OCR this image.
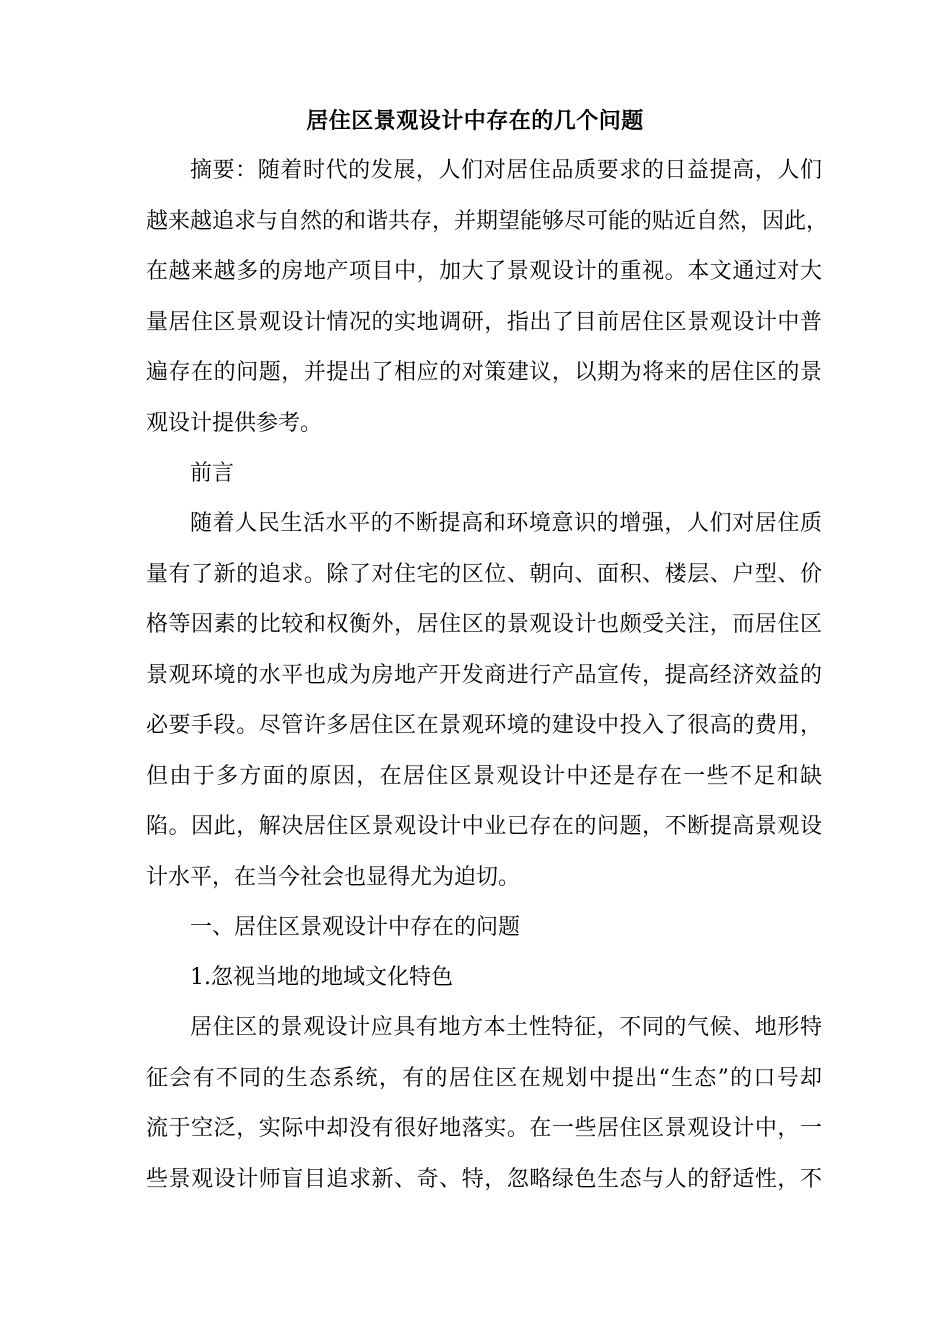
居住区景观设计中存在的几个问题
摘要：随着时代的发展，人们对居住品质要求的日益提高，人们
越来越追求与自然的和谐共存，并期望能够尽可能的贴近自然，因此，
在越来越多的房地产项目中，加大了景观设计的重视。本文通过对大
量居住区景观设计情况的实地调研，指出了目前居住区景观设计中普
遍存在的问题，并提出了相应的对策建议，以期为将来的居住区的景
观设计提供参考。
前言
随着人民生活水平的不断提高和环境意识的增强，人们对居住质
量有了新的追求。除了对住宅的区位、朝向、面积、楼层、户型、价
格等因素的比较和权衡外，居住区的景观设计也颇受关注，而居住区
景观环境的水平也成为房地产开发商进行产品宣传，提高经济效益的
必要手段。尽管许多居住区在景观环境的建设中投入了很高的费用，
但由于多方面的原因，在居住区景观设计中还是存在一些不足和缺
陷。因此，解决居住区景观设计中业已存在的问题，不断提高景观设
计水平，在当今社会也显得尤为迫切。
一、居住区景观设计中存在的问题
1.忽视当地的地域文化特色
居住区的景观设计应具有地方本土性特征，不同的气候、地形特
征会有不同的生态系统，有的居住区在规划中提出“生态”的口号却
流于空泛，实际中却没有很好地落实。在一些居住区景观设计中，一
些景观设计师盲目追求新、奇、特，忽略绿色生态与人的舒适性，不
